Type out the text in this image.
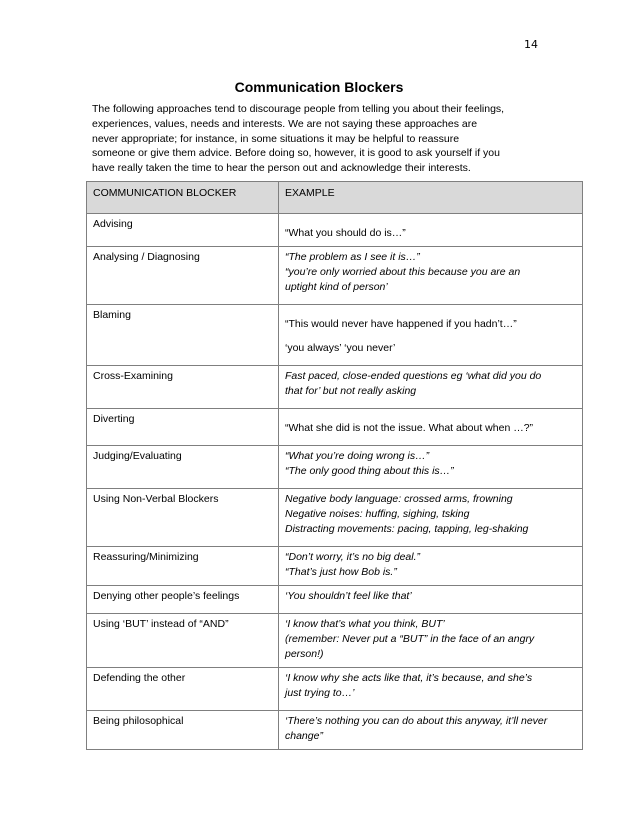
14
Communication Blockers

The following approaches tend to discourage people from telling you about their feelings,
experiences, values, needs and interests. We are not saying these approaches are
never appropriate; for instance, in some situations it may be helpful to reassure
someone or give them advice. Before doing so, however, it is good to ask yourself if you
have really taken the time to hear the person out and acknowledge their interests.

COMMUNICATION BLOCKER	EXAMPLE
Advising	“What you should do is…”

Analysing / Diagnosing	“The problem as I see it is…”
“you’re only worried about this because you are an
uptight kind of person’

Blaming	“This would never have happened if you hadn’t…”
‘you always’ ‘you never’

Cross-Examining	Fast paced, close-ended questions eg ‘what did you do
that for’ but not really asking

Diverting	“What she did is not the issue. What about when …?”

Judging/Evaluating	“What you’re doing wrong is…”
“The only good thing about this is…”

Using Non-Verbal Blockers	Negative body language: crossed arms, frowning
Negative noises: huffing, sighing, tsking
Distracting movements: pacing, tapping, leg-shaking

Reassuring/Minimizing	“Don’t worry, it’s no big deal.”
“That’s just how Bob is.”

Denying other people’s feelings	‘You shouldn’t feel like that’

Using ‘BUT’ instead of “AND”	‘I know that’s what you think, BUT’
(remember: Never put a “BUT” in the face of an angry
person!)

Defending the other	‘I know why she acts like that, it’s because, and she’s
just trying to…’

Being philosophical	‘There’s nothing you can do about this anyway, it’ll never
change”
